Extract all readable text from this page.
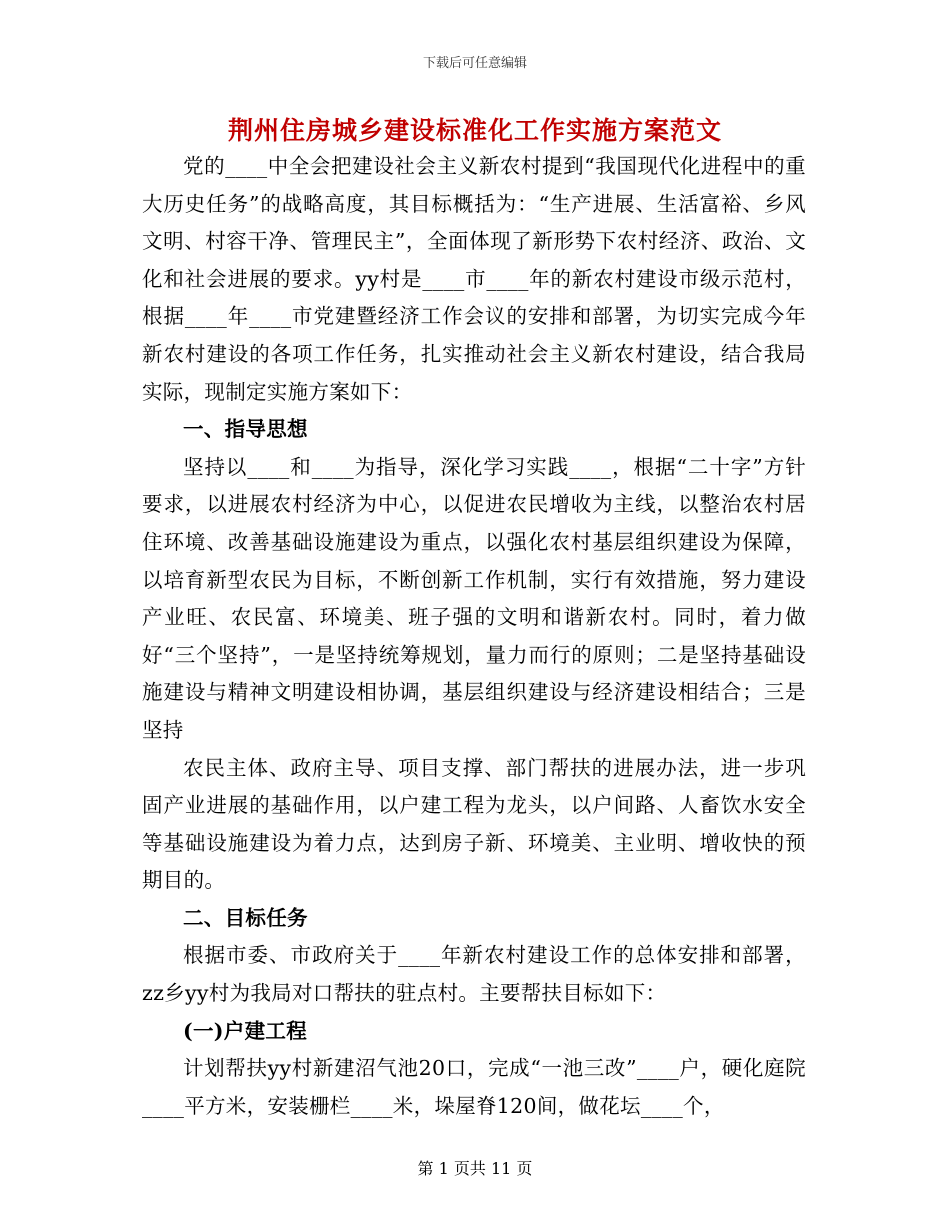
下载后可任意编辑
荆州住房城乡建设标准化工作实施方案范文

党的____中全会把建设社会主义新农村提到“我国现代化进程中的重大历史任务”的战略高度，其目标概括为：“生产进展、生活富裕、乡风文明、村容干净、管理民主”，全面体现了新形势下农村经济、政治、文化和社会进展的要求。yy村是____市____年的新农村建设市级示范村，根据____年____市党建暨经济工作会议的安排和部署，为切实完成今年新农村建设的各项工作任务，扎实推动社会主义新农村建设，结合我局实际，现制定实施方案如下：

一、指导思想

坚持以____和____为指导，深化学习实践____，根据“二十字”方针要求，以进展农村经济为中心，以促进农民增收为主线，以整治农村居住环境、改善基础设施建设为重点，以强化农村基层组织建设为保障，以培育新型农民为目标，不断创新工作机制，实行有效措施，努力建设产业旺、农民富、环境美、班子强的文明和谐新农村。同时，着力做好“三个坚持”，一是坚持统筹规划，量力而行的原则；二是坚持基础设施建设与精神文明建设相协调，基层组织建设与经济建设相结合；三是坚持

农民主体、政府主导、项目支撑、部门帮扶的进展办法，进一步巩固产业进展的基础作用，以户建工程为龙头，以户间路、人畜饮水安全等基础设施建设为着力点，达到房子新、环境美、主业明、增收快的预期目的。

二、目标任务

根据市委、市政府关于____年新农村建设工作的总体安排和部署，zz乡yy村为我局对口帮扶的驻点村。主要帮扶目标如下：

(一)户建工程

计划帮扶yy村新建沼气池20口，完成“一池三改”____户，硬化庭院____平方米，安装栅栏____米，垛屋脊120间，做花坛____个，

第 1 页共 11 页
